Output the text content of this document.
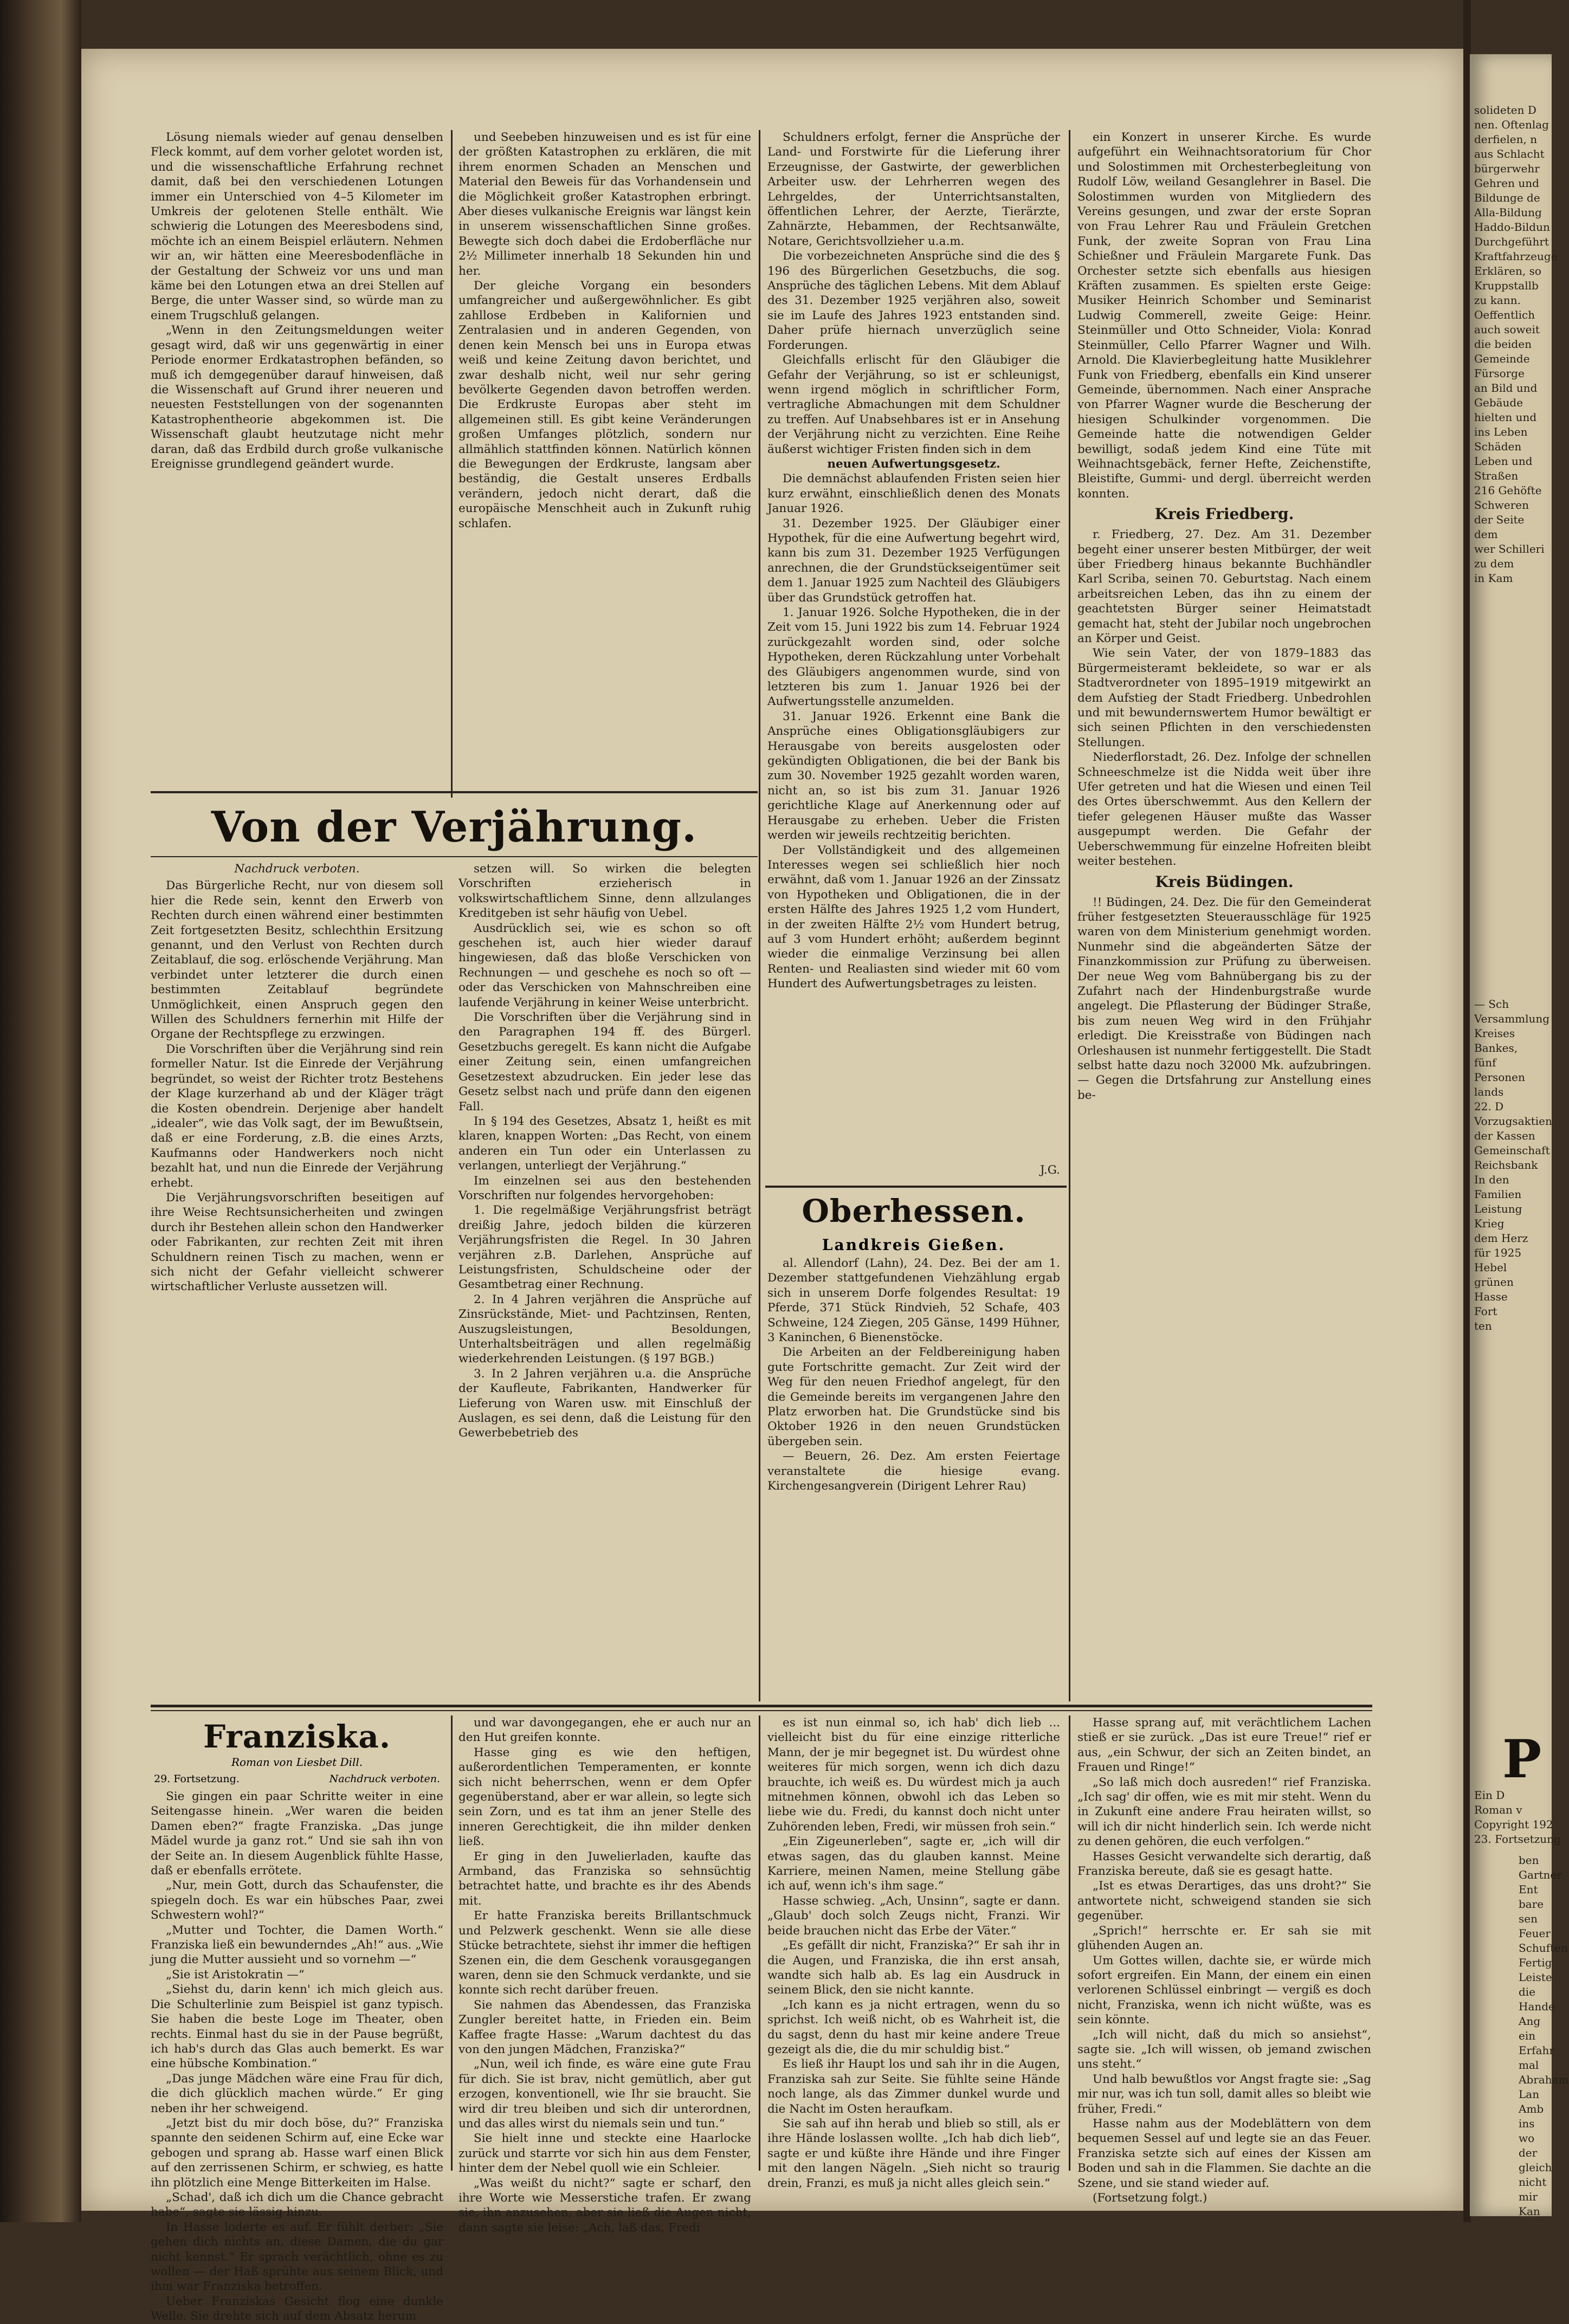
Lösung niemals wieder auf genau denselben Fleck kommt, auf dem vorher gelotet worden ist, und die wissenschaftliche Erfahrung rechnet damit, daß bei den verschiedenen Lotungen immer ein Unterschied von 4–5 Kilometer im Umkreis der gelotenen Stelle enthält. Wie schwierig die Lotungen des Meeresbodens sind, möchte ich an einem Beispiel erläutern. Nehmen wir an, wir hätten eine Meeresbodenfläche in der Gestaltung der Schweiz vor uns und man käme bei den Lotungen etwa an drei Stellen auf Berge, die unter Wasser sind, so würde man zu einem Trugschluß gelangen.

„Wenn in den Zeitungsmeldungen weiter gesagt wird, daß wir uns gegenwärtig in einer Periode enormer Erdkatastrophen befänden, so muß ich demgegenüber darauf hinweisen, daß die Wissenschaft auf Grund ihrer neueren und neuesten Feststellungen von der sogenannten Katastrophentheorie abgekommen ist. Die Wissenschaft glaubt heutzutage nicht mehr daran, daß das Erdbild durch große vulkanische Ereignisse grundlegend geändert wurde.

und Seebeben hinzuweisen und es ist für eine der größten Katastrophen zu erklären, die mit ihrem enormen Schaden an Menschen und Material den Beweis für das Vorhandensein und die Möglichkeit großer Katastrophen erbringt. Aber dieses vulkanische Ereignis war längst kein in unserem wissenschaftlichen Sinne großes. Bewegte sich doch dabei die Erdoberfläche nur 2½ Millimeter innerhalb 18 Sekunden hin und her.

Der gleiche Vorgang ein besonders umfangreicher und außergewöhnlicher. Es gibt zahllose Erdbeben in Kalifornien und Zentralasien und in anderen Gegenden, von denen kein Mensch bei uns in Europa etwas weiß und keine Zeitung davon berichtet, und zwar deshalb nicht, weil nur sehr gering bevölkerte Gegenden davon betroffen werden. Die Erdkruste Europas aber steht im allgemeinen still. Es gibt keine Veränderungen großen Umfanges plötzlich, sondern nur allmählich stattfinden können. Natürlich können die Bewegungen der Erdkruste, langsam aber beständig, die Gestalt unseres Erdballs verändern, jedoch nicht derart, daß die europäische Menschheit auch in Zukunft ruhig schlafen.

Schuldners erfolgt, ferner die Ansprüche der Land- und Forstwirte für die Lieferung ihrer Erzeugnisse, der Gastwirte, der gewerblichen Arbeiter usw. der Lehrherren wegen des Lehrgeldes, der Unterrichtsanstalten, öffentlichen Lehrer, der Aerzte, Tierärzte, Zahnärzte, Hebammen, der Rechtsanwälte, Notare, Gerichtsvollzieher u.a.m.

Die vorbezeichneten Ansprüche sind die des § 196 des Bürgerlichen Gesetzbuchs, die sog. Ansprüche des täglichen Lebens. Mit dem Ablauf des 31. Dezember 1925 verjähren also, soweit sie im Laufe des Jahres 1923 entstanden sind. Daher prüfe hiernach unverzüglich seine Forderungen.

Gleichfalls erlischt für den Gläubiger die Gefahr der Verjährung, so ist er schleunigst, wenn irgend möglich in schriftlicher Form, vertragliche Abmachungen mit dem Schuldner zu treffen. Auf Unabsehbares ist er in Ansehung der Verjährung nicht zu verzichten. Eine Reihe äußerst wichtiger Fristen finden sich in dem

neuen Aufwertungsgesetz.

Die demnächst ablaufenden Fristen seien hier kurz erwähnt, einschließlich denen des Monats Januar 1926.

31. Dezember 1925. Der Gläubiger einer Hypothek, für die eine Aufwertung begehrt wird, kann bis zum 31. Dezember 1925 Verfügungen anrechnen, die der Grundstückseigentümer seit dem 1. Januar 1925 zum Nachteil des Gläubigers über das Grundstück getroffen hat.

1. Januar 1926. Solche Hypotheken, die in der Zeit vom 15. Juni 1922 bis zum 14. Februar 1924 zurückgezahlt worden sind, oder solche Hypotheken, deren Rückzahlung unter Vorbehalt des Gläubigers angenommen wurde, sind von letzteren bis zum 1. Januar 1926 bei der Aufwertungsstelle anzumelden.

31. Januar 1926. Erkennt eine Bank die Ansprüche eines Obligationsgläubigers zur Herausgabe von bereits ausgelosten oder gekündigten Obligationen, die bei der Bank bis zum 30. November 1925 gezahlt worden waren, nicht an, so ist bis zum 31. Januar 1926 gerichtliche Klage auf Anerkennung oder auf Herausgabe zu erheben. Ueber die Fristen werden wir jeweils rechtzeitig berichten.

Der Vollständigkeit und des allgemeinen Interesses wegen sei schließlich hier noch erwähnt, daß vom 1. Januar 1926 an der Zinssatz von Hypotheken und Obligationen, die in der ersten Hälfte des Jahres 1925 1,2 vom Hundert, in der zweiten Hälfte 2½ vom Hundert betrug, auf 3 vom Hundert erhöht; außerdem beginnt wieder die einmalige Verzinsung bei allen Renten- und Realiasten sind wieder mit 60 vom Hundert des Aufwertungsbetrages zu leisten.

J.G.

ein Konzert in unserer Kirche. Es wurde aufgeführt ein Weihnachtsoratorium für Chor und Solostimmen mit Orchesterbegleitung von Rudolf Löw, weiland Gesanglehrer in Basel. Die Solostimmen wurden von Mitgliedern des Vereins gesungen, und zwar der erste Sopran von Frau Lehrer Rau und Fräulein Gretchen Funk, der zweite Sopran von Frau Lina Schießner und Fräulein Margarete Funk. Das Orchester setzte sich ebenfalls aus hiesigen Kräften zusammen. Es spielten erste Geige: Musiker Heinrich Schomber und Seminarist Ludwig Commerell, zweite Geige: Heinr. Steinmüller und Otto Schneider, Viola: Konrad Steinmüller, Cello Pfarrer Wagner und Wilh. Arnold. Die Klavierbegleitung hatte Musiklehrer Funk von Friedberg, ebenfalls ein Kind unserer Gemeinde, übernommen. Nach einer Ansprache von Pfarrer Wagner wurde die Bescherung der hiesigen Schulkinder vorgenommen. Die Gemeinde hatte die notwendigen Gelder bewilligt, sodaß jedem Kind eine Tüte mit Weihnachtsgebäck, ferner Hefte, Zeichenstifte, Bleistifte, Gummi- und dergl. überreicht werden konnten.

Kreis Friedberg.

r. Friedberg, 27. Dez. Am 31. Dezember begeht einer unserer besten Mitbürger, der weit über Friedberg hinaus bekannte Buchhändler Karl Scriba, seinen 70. Geburtstag. Nach einem arbeitsreichen Leben, das ihn zu einem der geachtetsten Bürger seiner Heimatstadt gemacht hat, steht der Jubilar noch ungebrochen an Körper und Geist.

Wie sein Vater, der von 1879–1883 das Bürgermeisteramt bekleidete, so war er als Stadtverordneter von 1895–1919 mitgewirkt an dem Aufstieg der Stadt Friedberg. Unbedrohlen und mit bewundernswertem Humor bewältigt er sich seinen Pflichten in den verschiedensten Stellungen.

Niederflorstadt, 26. Dez. Infolge der schnellen Schneeschmelze ist die Nidda weit über ihre Ufer getreten und hat die Wiesen und einen Teil des Ortes überschwemmt. Aus den Kellern der tiefer gelegenen Häuser mußte das Wasser ausgepumpt werden. Die Gefahr der Ueberschwemmung für einzelne Hofreiten bleibt weiter bestehen.

Kreis Büdingen.

!! Büdingen, 24. Dez. Die für den Gemeinderat früher festgesetzten Steuerausschläge für 1925 waren von dem Ministerium genehmigt worden. Nunmehr sind die abgeänderten Sätze der Finanzkommission zur Prüfung zu überweisen. Der neue Weg vom Bahnübergang bis zu der Zufahrt nach der Hindenburgstraße wurde angelegt. Die Pflasterung der Büdinger Straße, bis zum neuen Weg wird in den Frühjahr erledigt. Die Kreisstraße von Büdingen nach Orleshausen ist nunmehr fertiggestellt. Die Stadt selbst hatte dazu noch 32000 Mk. aufzubringen. — Gegen die Drtsfahrung zur Anstellung eines be-

Von der Verjährung.
Nachdruck verboten.

Das Bürgerliche Recht, nur von diesem soll hier die Rede sein, kennt den Erwerb von Rechten durch einen während einer bestimmten Zeit fortgesetzten Besitz, schlechthin Ersitzung genannt, und den Verlust von Rechten durch Zeitablauf, die sog. erlöschende Verjährung. Man verbindet unter letzterer die durch einen bestimmten Zeitablauf begründete Unmöglichkeit, einen Anspruch gegen den Willen des Schuldners fernerhin mit Hilfe der Organe der Rechtspflege zu erzwingen.

Die Vorschriften über die Verjährung sind rein formeller Natur. Ist die Einrede der Verjährung begründet, so weist der Richter trotz Bestehens der Klage kurzerhand ab und der Kläger trägt die Kosten obendrein. Derjenige aber handelt „idealer“, wie das Volk sagt, der im Bewußtsein, daß er eine Forderung, z.B. die eines Arzts, Kaufmanns oder Handwerkers noch nicht bezahlt hat, und nun die Einrede der Verjährung erhebt.

Die Verjährungsvorschriften beseitigen auf ihre Weise Rechtsunsicherheiten und zwingen durch ihr Bestehen allein schon den Handwerker oder Fabrikanten, zur rechten Zeit mit ihren Schuldnern reinen Tisch zu machen, wenn er sich nicht der Gefahr vielleicht schwerer wirtschaftlicher Verluste aussetzen will.

setzen will. So wirken die belegten Vorschriften erzieherisch in volkswirtschaftlichem Sinne, denn allzulanges Kreditgeben ist sehr häufig von Uebel.

Ausdrücklich sei, wie es schon so oft geschehen ist, auch hier wieder darauf hingewiesen, daß das bloße Verschicken von Rechnungen — und geschehe es noch so oft — oder das Verschicken von Mahnschreiben eine laufende Verjährung in keiner Weise unterbricht.

Die Vorschriften über die Verjährung sind in den Paragraphen 194 ff. des Bürgerl. Gesetzbuchs geregelt. Es kann nicht die Aufgabe einer Zeitung sein, einen umfangreichen Gesetzestext abzudrucken. Ein jeder lese das Gesetz selbst nach und prüfe dann den eigenen Fall.

In § 194 des Gesetzes, Absatz 1, heißt es mit klaren, knappen Worten: „Das Recht, von einem anderen ein Tun oder ein Unterlassen zu verlangen, unterliegt der Verjährung.“

Im einzelnen sei aus den bestehenden Vorschriften nur folgendes hervorgehoben:

1. Die regelmäßige Verjährungsfrist beträgt dreißig Jahre, jedoch bilden die kürzeren Verjährungsfristen die Regel. In 30 Jahren verjähren z.B. Darlehen, Ansprüche auf Leistungsfristen, Schuldscheine oder der Gesamtbetrag einer Rechnung.

2. In 4 Jahren verjähren die Ansprüche auf Zinsrückstände, Miet- und Pachtzinsen, Renten, Auszugsleistungen, Besoldungen, Unterhaltsbeiträgen und allen regelmäßig wiederkehrenden Leistungen. (§ 197 BGB.)

3. In 2 Jahren verjähren u.a. die Ansprüche der Kaufleute, Fabrikanten, Handwerker für Lieferung von Waren usw. mit Einschluß der Auslagen, es sei denn, daß die Leistung für den Gewerbebetrieb des

Oberhessen.
Landkreis Gießen.

al. Allendorf (Lahn), 24. Dez. Bei der am 1. Dezember stattgefundenen Viehzählung ergab sich in unserem Dorfe folgendes Resultat: 19 Pferde, 371 Stück Rindvieh, 52 Schafe, 403 Schweine, 124 Ziegen, 205 Gänse, 1499 Hühner, 3 Kaninchen, 6 Bienenstöcke.

Die Arbeiten an der Feldbereinigung haben gute Fortschritte gemacht. Zur Zeit wird der Weg für den neuen Friedhof angelegt, für den die Gemeinde bereits im vergangenen Jahre den Platz erworben hat. Die Grundstücke sind bis Oktober 1926 in den neuen Grundstücken übergeben sein.

— Beuern, 26. Dez. Am ersten Feiertage veranstaltete die hiesige evang. Kirchengesangverein (Dirigent Lehrer Rau)

Franziska.
Roman von Liesbet Dill.
29. Fortsetzung.	Nachdruck verboten.

Sie gingen ein paar Schritte weiter in eine Seitengasse hinein. „Wer waren die beiden Damen eben?“ fragte Franziska. „Das junge Mädel wurde ja ganz rot.“ Und sie sah ihn von der Seite an. In diesem Augenblick fühlte Hasse, daß er ebenfalls errötete.

„Nur, mein Gott, durch das Schaufenster, die spiegeln doch. Es war ein hübsches Paar, zwei Schwestern wohl?“

„Mutter und Tochter, die Damen Worth.“ Franziska ließ ein bewunderndes „Ah!“ aus. „Wie jung die Mutter aussieht und so vornehm —“

„Sie ist Aristokratin —“

„Siehst du, darin kenn' ich mich gleich aus. Die Schulterlinie zum Beispiel ist ganz typisch. Sie haben die beste Loge im Theater, oben rechts. Einmal hast du sie in der Pause begrüßt, ich hab's durch das Glas auch bemerkt. Es war eine hübsche Kombination.“

„Das junge Mädchen wäre eine Frau für dich, die dich glücklich machen würde.“ Er ging neben ihr her schweigend.

„Jetzt bist du mir doch böse, du?“ Franziska spannte den seidenen Schirm auf, eine Ecke war gebogen und sprang ab. Hasse warf einen Blick auf den zerrissenen Schirm, er schwieg, es hatte ihn plötzlich eine Menge Bitterkeiten im Halse.

„Schad', daß ich dich um die Chance gebracht habe“, sagte sie lässig hinzu.

In Hasse loderte es auf. Er fühlt derber: „Sie gehen dich nichts an, diese Damen, die du gar nicht kennst.“ Er sprach verächtlich, ohne es zu wollen — der Haß sprühte aus seinem Blick, und ihm war Franziska betroffen.

Ueber Franziskas Gesicht flog eine dunkle Welle. Sie drehte sich auf dem Absatz herum

und war davongegangen, ehe er auch nur an den Hut greifen konnte.

Hasse ging es wie den heftigen, außerordentlichen Temperamenten, er konnte sich nicht beherrschen, wenn er dem Opfer gegenüberstand, aber er war allein, so legte sich sein Zorn, und es tat ihm an jener Stelle des inneren Gerechtigkeit, die ihn milder denken ließ.

Er ging in den Juwelierladen, kaufte das Armband, das Franziska so sehnsüchtig betrachtet hatte, und brachte es ihr des Abends mit.

Er hatte Franziska bereits Brillantschmuck und Pelzwerk geschenkt. Wenn sie alle diese Stücke betrachtete, siehst ihr immer die heftigen Szenen ein, die dem Geschenk vorausgegangen waren, denn sie den Schmuck verdankte, und sie konnte sich recht darüber freuen.

Sie nahmen das Abendessen, das Franziska Zungler bereitet hatte, in Frieden ein. Beim Kaffee fragte Hasse: „Warum dachtest du das von den jungen Mädchen, Franziska?“

„Nun, weil ich finde, es wäre eine gute Frau für dich. Sie ist brav, nicht gemütlich, aber gut erzogen, konventionell, wie Ihr sie braucht. Sie wird dir treu bleiben und sich dir unterordnen, und das alles wirst du niemals sein und tun.“

Sie hielt inne und steckte eine Haarlocke zurück und starrte vor sich hin aus dem Fenster, hinter dem der Nebel quoll wie ein Schleier.

„Was weißt du nicht?“ sagte er scharf, den ihre Worte wie Messerstiche trafen. Er zwang sie, ihn anzusehen, aber sie ließ die Augen nicht, dann sagte sie leise: „Ach, laß das, Fredi

es ist nun einmal so, ich hab' dich lieb ... vielleicht bist du für eine einzige ritterliche Mann, der je mir begegnet ist. Du würdest ohne weiteres für mich sorgen, wenn ich dich dazu brauchte, ich weiß es. Du würdest mich ja auch mitnehmen können, obwohl ich das Leben so liebe wie du. Fredi, du kannst doch nicht unter Zuhörenden leben, Fredi, wir müssen froh sein.“

„Ein Zigeunerleben“, sagte er, „ich will dir etwas sagen, das du glauben kannst. Meine Karriere, meinen Namen, meine Stellung gäbe ich auf, wenn ich's ihm sage.“

Hasse schwieg. „Ach, Unsinn“, sagte er dann. „Glaub' doch solch Zeugs nicht, Franzi. Wir beide brauchen nicht das Erbe der Väter.“

„Es gefällt dir nicht, Franziska?“ Er sah ihr in die Augen, und Franziska, die ihn erst ansah, wandte sich halb ab. Es lag ein Ausdruck in seinem Blick, den sie nicht kannte.

„Ich kann es ja nicht ertragen, wenn du so sprichst. Ich weiß nicht, ob es Wahrheit ist, die du sagst, denn du hast mir keine andere Treue gezeigt als die, die du mir schuldig bist.“

Es ließ ihr Haupt los und sah ihr in die Augen, Franziska sah zur Seite. Sie fühlte seine Hände noch lange, als das Zimmer dunkel wurde und die Nacht im Osten heraufkam.

Sie sah auf ihn herab und blieb so still, als er ihre Hände loslassen wollte. „Ich hab dich lieb“, sagte er und küßte ihre Hände und ihre Finger mit den langen Nägeln. „Sieh nicht so traurig drein, Franzi, es muß ja nicht alles gleich sein.“

Hasse sprang auf, mit verächtlichem Lachen stieß er sie zurück. „Das ist eure Treue!“ rief er aus, „ein Schwur, der sich an Zeiten bindet, an Frauen und Ringe!“

„So laß mich doch ausreden!“ rief Franziska. „Ich sag' dir offen, wie es mit mir steht. Wenn du in Zukunft eine andere Frau heiraten willst, so will ich dir nicht hinderlich sein. Ich werde nicht zu denen gehören, die euch verfolgen.“

Hasses Gesicht verwandelte sich derartig, daß Franziska bereute, daß sie es gesagt hatte.

„Ist es etwas Derartiges, das uns droht?“ Sie antwortete nicht, schweigend standen sie sich gegenüber.

„Sprich!“ herrschte er. Er sah sie mit glühenden Augen an.

Um Gottes willen, dachte sie, er würde mich sofort ergreifen. Ein Mann, der einem ein einen verlorenen Schlüssel einbringt — vergiß es doch nicht, Franziska, wenn ich nicht wüßte, was es sein könnte.

„Ich will nicht, daß du mich so ansiehst“, sagte sie. „Ich will wissen, ob jemand zwischen uns steht.“

Und halb bewußtlos vor Angst fragte sie: „Sag mir nur, was ich tun soll, damit alles so bleibt wie früher, Fredi.“

Hasse nahm aus der Modeblättern von dem bequemen Sessel auf und legte sie an das Feuer. Franziska setzte sich auf eines der Kissen am Boden und sah in die Flammen. Sie dachte an die Szene, und sie stand wieder auf.

(Fortsetzung folgt.)

solideten D
nen. Oftenlag
derfielen, n
aus Schlacht
bürgerwehr
Gehren und
Bildunge de
Alla-Bildung
Haddo-Bildun
Durchgeführt
Kraftfahrzeuge
Erklären, so
Kruppstallb
zu kann.
Oeffentlich
auch soweit
die beiden
Gemeinde
Fürsorge
an Bild und
Gebäude
hielten und
ins Leben
Schäden
Leben und
Straßen
216 Gehöfte
Schweren
der Seite
dem
wer Schilleri
zu dem
in Kam
— Sch
Versammlung
Kreises
Bankes,
fünf
Personen
lands
22. D
Vorzugsaktien
der Kassen
Gemeinschaft
Reichsbank
In den
Familien
Leistung
Krieg
dem Herz
für 1925
Hebel
grünen
Hasse
Fort
ten
P
Ein D
Roman v
Copyright 192
23. Fortsetzung
ben
Gartner
Ent
bare
sen
Feuer
Schuften
Fertig
Leiste
die
Hande
Ang
ein
Erfahr
mal
Abraham
Lan
Amb
ins
wo
der
gleich
nicht
mir
Kan
